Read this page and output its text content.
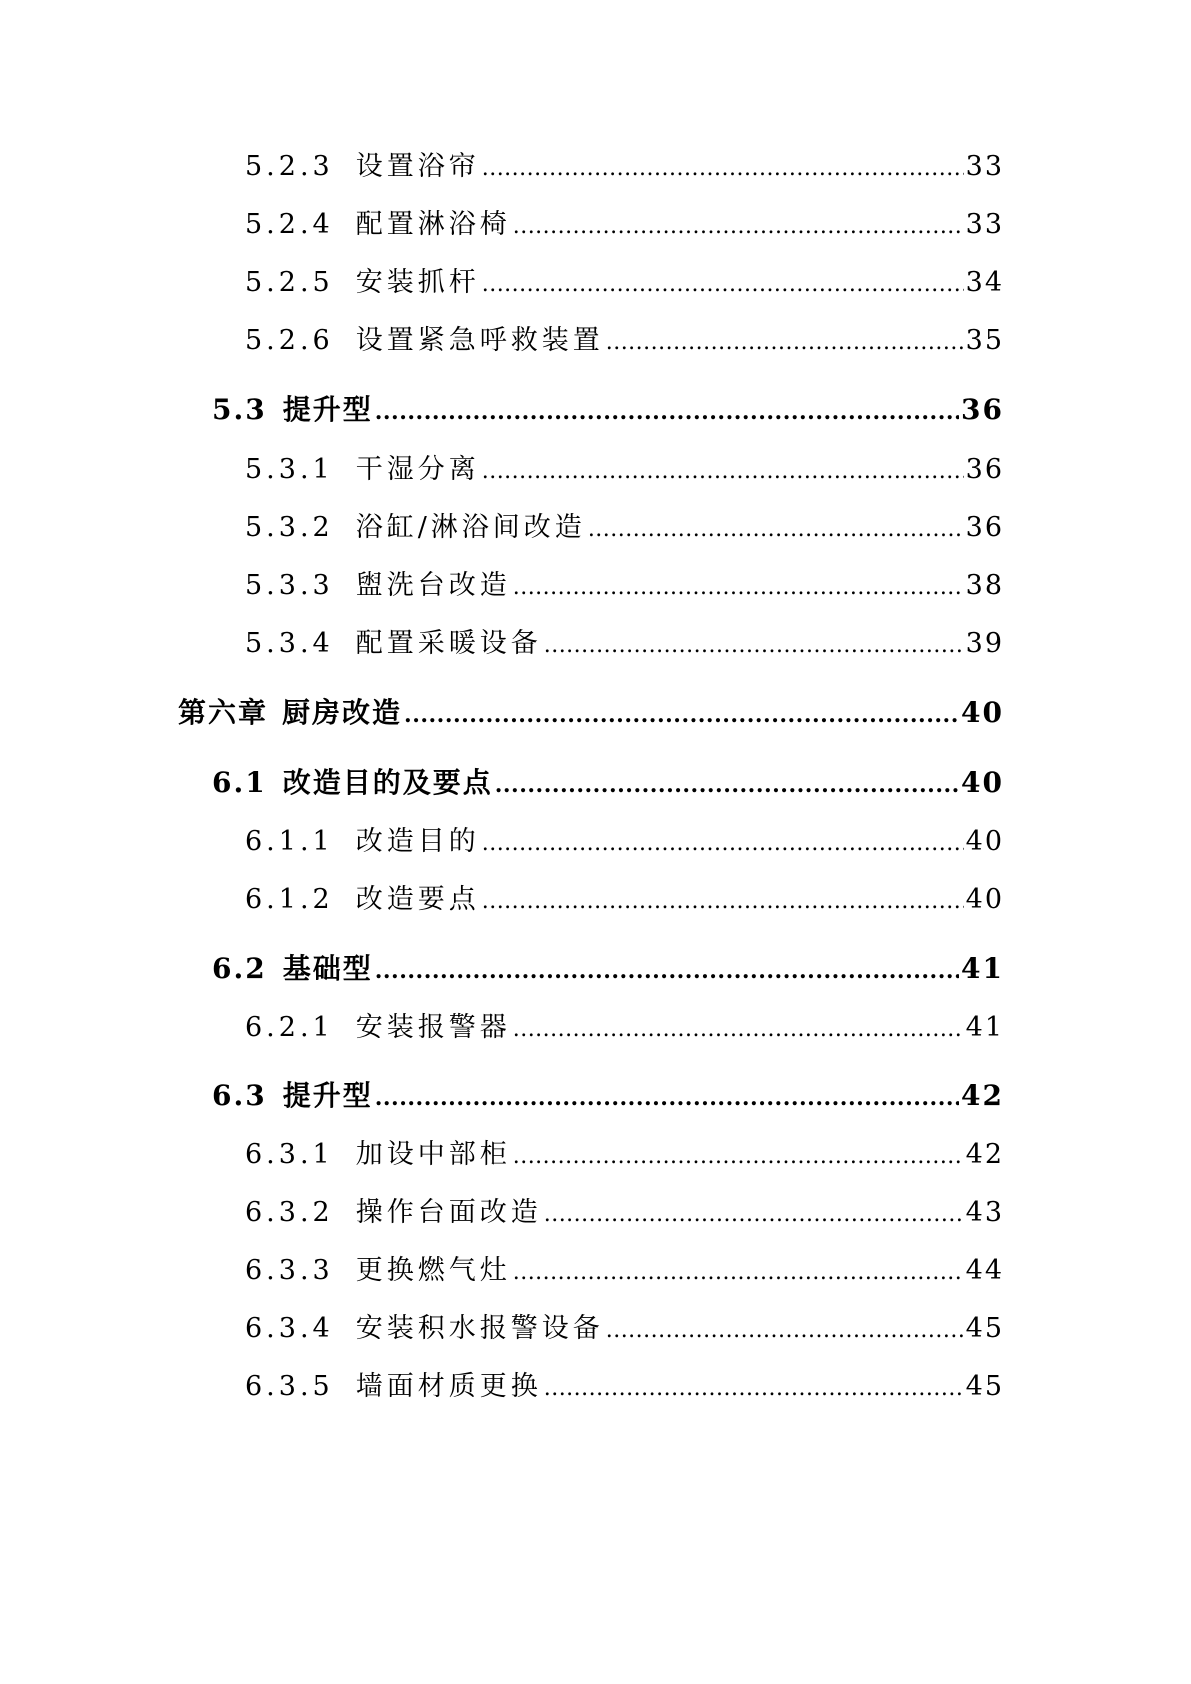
5.2.3 设置浴帘 .....	33
5.2.4 配置淋浴椅 .....	33
5.2.5 安装抓杆 .....	34
5.2.6 设置紧急呼救装置 .....	35
5.3 提升型 .....	36
5.3.1 干湿分离 .....	36
5.3.2 浴缸/淋浴间改造 .....	36
5.3.3 盥洗台改造 .....	38
5.3.4 配置采暖设备 .....	39
第六章 厨房改造 .....	40
6.1 改造目的及要点 .....	40
6.1.1 改造目的 .....	40
6.1.2 改造要点 .....	40
6.2 基础型 .....	41
6.2.1 安装报警器 .....	41
6.3 提升型 .....	42
6.3.1 加设中部柜 .....	42
6.3.2 操作台面改造 .....	43
6.3.3 更换燃气灶 .....	44
6.3.4 安装积水报警设备 .....	45
6.3.5 墙面材质更换 .....	45
